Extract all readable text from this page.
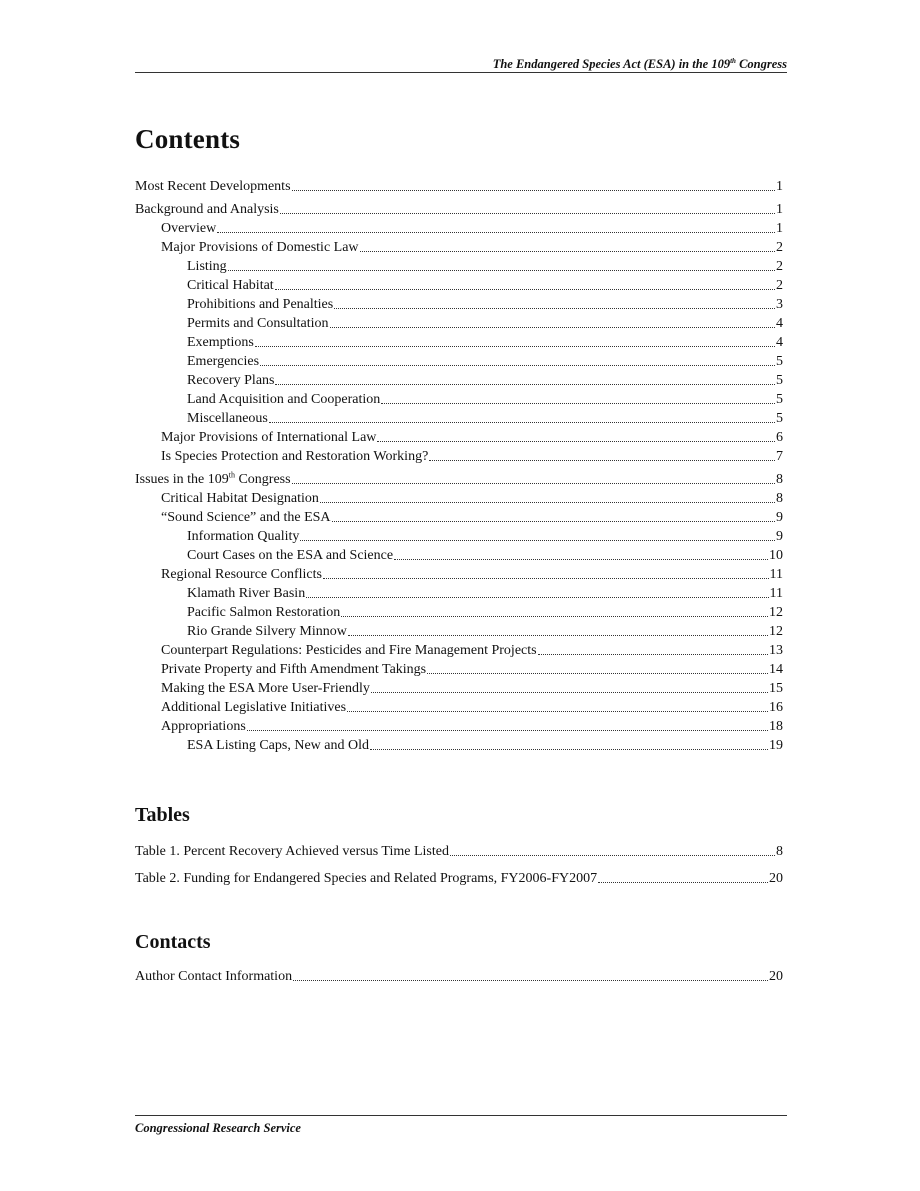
The Endangered Species Act (ESA) in the 109th Congress
Contents
Most Recent Developments	1
Background and Analysis	1
Overview	1
Major Provisions of Domestic Law	2
Listing	2
Critical Habitat	2
Prohibitions and Penalties	3
Permits and Consultation	4
Exemptions	4
Emergencies	5
Recovery Plans	5
Land Acquisition and Cooperation	5
Miscellaneous	5
Major Provisions of International Law	6
Is Species Protection and Restoration Working?	7
Issues in the 109th Congress	8
Critical Habitat Designation	8
“Sound Science” and the ESA	9
Information Quality	9
Court Cases on the ESA and Science	10
Regional Resource Conflicts	11
Klamath River Basin	11
Pacific Salmon Restoration	12
Rio Grande Silvery Minnow	12
Counterpart Regulations: Pesticides and Fire Management Projects	13
Private Property and Fifth Amendment Takings	14
Making the ESA More User-Friendly	15
Additional Legislative Initiatives	16
Appropriations	18
ESA Listing Caps, New and Old	19
Tables
Table 1. Percent Recovery Achieved versus Time Listed	8
Table 2. Funding for Endangered Species and Related Programs, FY2006-FY2007	20
Contacts
Author Contact Information	20
Congressional Research Service
